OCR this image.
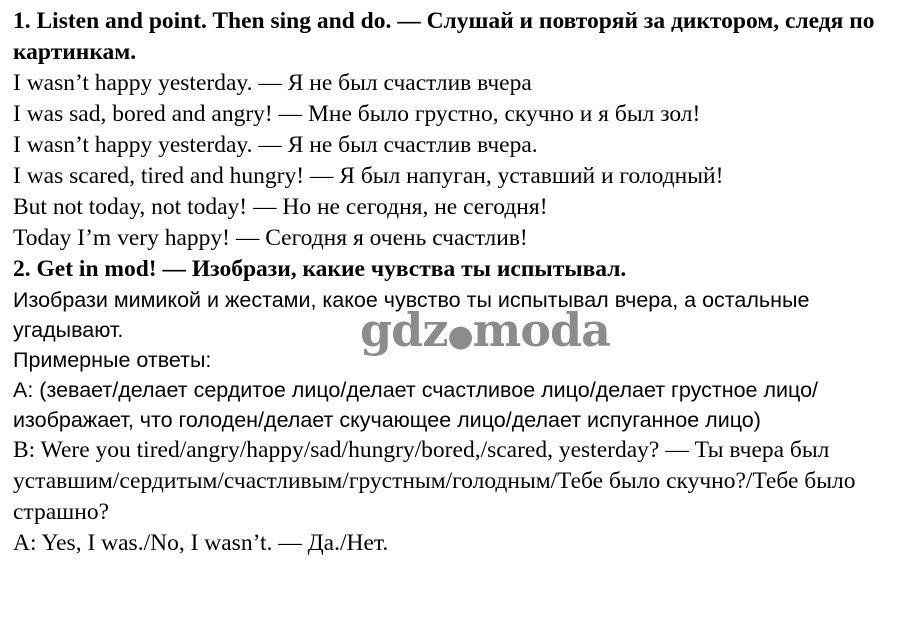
1. Listen and point. Then sing and do. — Слушай и повторяй за диктором, следя по картинкам.

I wasn’t happy yesterday. — Я не был счастлив вчера
I was sad, bored and angry! — Мне было грустно, скучно и я был зол!
I wasn’t happy yesterday. — Я не был счастлив вчера.
I was scared, tired and hungry! — Я был напуган, уставший и голодный!
But not today, not today! — Но не сегодня, не сегодня!
Today I’m very happy! — Сегодня я очень счастлив!

2. Get in mod! — Изобрази, какие чувства ты испытывал.

Изобрази мимикой и жестами, какое чувство ты испытывал вчера, а остальные угадывают.

Примерные ответы:

А: (зевает/делает сердитое лицо/делает счастливое лицо/делает грустное лицо/изображает, что голоден/делает скучающее лицо/делает испуганное лицо)

B: Were you tired/angry/happy/sad/hungry/bored,/scared, yesterday? — Ты вчера был уставшим/сердитым/счастливым/грустным/голодным/Тебе было скучно?/Тебе было страшно?

A: Yes, I was./No, I wasn’t. — Да./Нет.

gdz●moda
